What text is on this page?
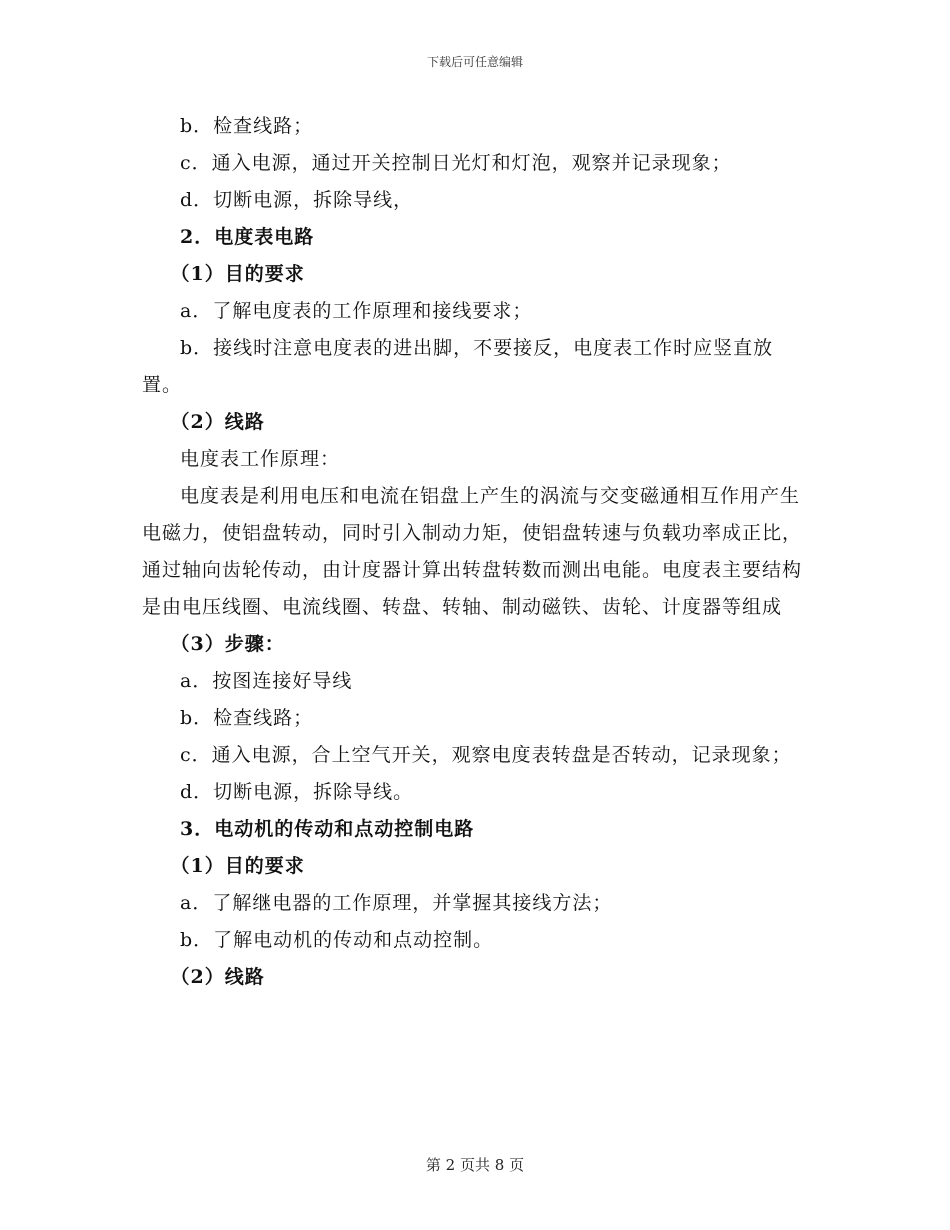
下载后可任意编辑

b．检查线路；

c．通入电源，通过开关控制日光灯和灯泡，观察并记录现象；

d．切断电源，拆除导线，

2．电度表电路

（1）目的要求

a．了解电度表的工作原理和接线要求；

b．接线时注意电度表的进出脚，不要接反，电度表工作时应竖直放置。

（2）线路

电度表工作原理：

电度表是利用电压和电流在铝盘上产生的涡流与交变磁通相互作用产生电磁力，使铝盘转动，同时引入制动力矩，使铝盘转速与负载功率成正比，通过轴向齿轮传动，由计度器计算出转盘转数而测出电能。电度表主要结构是由电压线圈、电流线圈、转盘、转轴、制动磁铁、齿轮、计度器等组成

（3）步骤：

a．按图连接好导线

b．检查线路；

c．通入电源，合上空气开关，观察电度表转盘是否转动，记录现象；

d．切断电源，拆除导线。

3．电动机的传动和点动控制电路

（1）目的要求

a．了解继电器的工作原理，并掌握其接线方法；

b．了解电动机的传动和点动控制。

（2）线路

第 2 页共 8 页
